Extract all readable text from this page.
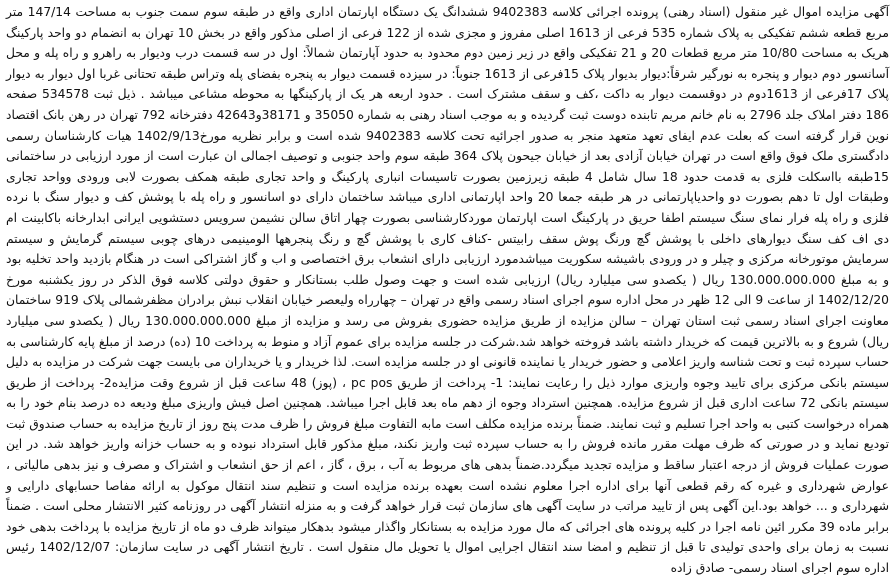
آگهی مزایده اموال غیر منقول (اسناد رهنی) پرونده اجرائی کلاسه 9402383 ششدانگ یک دستگاه اپارتمان اداری واقع در طبقه سوم سمت جنوب به مساحت 147/14 متر مربع قطعه ششم تفکیکی به پلاک شماره 535 فرعی از 1613 اصلی مفروز و مجزی شده از 122 فرعی از اصلی مذکور واقع در بخش 10 تهران به انضمام دو واحد پارکینگ هریک به مساحت 10/80 متر مربع قطعات 20 و 21 تفکیکی واقع در زیر زمین دوم محدود به حدود آپارتمان شمالاً: اول در سه قسمت درب ودیوار به راهرو و راه پله و محل آسانسور دوم دیوار و پنجره به نورگیر شرقاً:دیوار بدیوار پلاک 15فرعی از 1613 جنوباً: در سیزده قسمت دیوار به پنجره بفضای پله وتراس طبقه تحتانی غربا اول دیوار به دیوار پلاک 17فرعی از 1613دوم در دوقسمت دیوار به داکت ،کف و سقف مشترک است . حدود اربعه هر یک از پارکینگها به محوطه مشاعی میباشد . ذیل ثبت 534578 صفحه 186 دفتر املاک جلد 2796 به نام خانم مریم تابنده دوست ثبت گردیده و به موجب اسناد رهنی به شماره 35050 و 38171و42643 دفترخانه 792 تهران در رهن بانک اقتصاد نوین قرار گرفته است که بعلت عدم ایفای تعهد متعهد منجر به صدور اجرائیه تحت کلاسه 9402383 شده است و برابر نظریه مورخ1402/9/13 هیات کارشناسان رسمی دادگستری ملک فوق واقع است در تهران خیابان آزادی بعد از خیابان جیحون پلاک 364 طبقه سوم واحد جنوبی و توصیف اجمالی ان عبارت است از مورد ارزیابی در ساختمانی 15طبقه بااسکلت فلزی به قدمت حدود 18 سال شامل 4 طبقه زیرزمین بصورت تاسیسات انباری پارکینگ و واحد تجاری طبقه همکف بصورت لابی ورودی وواحد تجاری وطبقات اول تا دهم بصورت دو واحدیاپارتمانی در هر طبقه جمعا 20 واحد اپارتمانی اداری میباشد ساختمان دارای دو اسانسور و راه پله با پوشش کف و دیوار سنگ با نرده فلزی و راه پله فرار نمای سنگ سیستم اطفا حریق در پارکینگ است اپارتمان موردکارشناسی بصورت چهار اتاق سالن نشیمن سرویس دستشویی ایرانی ابدارخانه باکابینت ام دی اف کف سنگ دیوارهای داخلی با پوشش گچ ورنگ پوش سقف رابیتس -کناف کاری با پوشش گچ و رنگ پنجرهها الومینیمی درهای چوبی سیستم گرمایش و سیستم سرمایش موتورخانه مرکزی و چیلر و در ورودی باشیشه سکوریت میباشدمورد ارزیابی دارای انشعاب برق اختصاصی و اب و گاز اشتراکی است در هنگام بازدید واحد تخلیه بود و به مبلغ 130.000.000.000 ریال ( یکصدو سی میلیارد ریال) ارزیابی شده است و جهت وصول طلب بستانکار و حقوق دولتی کلاسه فوق الذکر در روز یکشنبه مورخ 1402/12/20 از ساعت 9 الی 12 ظهر در محل اداره سوم اجرای اسناد رسمی واقع در تهران – چهارراه ولیعصر خیابان انقلاب نبش برادران مظفرشمالی پلاک 919 ساختمان معاونت اجرای اسناد رسمی ثبت استان تهران – سالن مزایده از طریق مزایده حضوری بفروش می رسد و مزایده از مبلغ 130.000.000.000 ریال ( یکصدو سی میلیارد ریال) شروع و به بالاترین قیمت که خریدار داشته باشد فروخته خواهد شد.شرکت در جلسه مزایده برای عموم آزاد و منوط به پرداخت 10 (ده) درصد از مبلغ پایه کارشناسی به حساب سپرده ثبت و تحت شناسه واریز اعلامی و حضور خریدار یا نماینده قانونی او در جلسه مزایده است. لذا خریدار و یا خریداران می بایست جهت شرکت در مزایده به دلیل سیستم بانکی مرکزی برای تایید وجوه واریزی موارد ذیل را رعایت نمایند: 1- پرداخت از طریق pc pos ، (پوز) 48 ساعت قبل از شروع وقت مزایده2- پرداخت از طریق سیستم بانکی 72 ساعت اداری قبل از شروع مزایده. همچنین استرداد وجوه از دهم ماه بعد قابل اجرا میباشد. همچنین اصل فیش واریزی مبلغ ودیعه ده درصد بنام خود را به همراه درخواست کتبی به واحد اجرا تسلیم و ثبت نمایند. ضمناً برنده مزایده مکلف است مابه التفاوت مبلغ فروش را ظرف مدت پنج روز از تاریخ مزایده به حساب صندوق ثبت تودیع نماید و در صورتی که ظرف مهلت مقرر مانده فروش را به حساب سپرده ثبت واریز نکند، مبلغ مذکور قابل استرداد نبوده و به حساب خزانه واریز خواهد شد. در این صورت عملیات فروش از درجه اعتبار ساقط و مزایده تجدید میگردد.ضمناً بدهی های مربوط به آب ، برق ، گاز ، اعم از حق انشعاب و اشتراک و مصرف و نیز بدهی مالیاتی ، عوارض شهرداری و غیره که رقم قطعی آنها برای اداره اجرا معلوم نشده است بعهده برنده مزایده است و تنظیم سند انتقال موکول به ارائه مفاصا حسابهای دارایی و شهرداری و ... خواهد بود.این آگهی پس از تایید مراتب در سایت آگهی های سازمان ثبت قرار خواهد گرفت و به منزله انتشار آگهی در روزنامه کثیر الانتشار محلی است . ضمناً برابر ماده 39 مکرر ائین نامه اجرا در کلیه پرونده های اجرائی که مال مورد مزایده به بستانکار واگذار میشود بدهکار میتواند ظرف دو ماه از تاریخ مزایده با پرداخت بدهی خود نسبت به زمان برای واحدی تولیدی تا قبل از تنظیم و امضا سند انتقال اجرایی اموال یا تحویل مال منقول است . تاریخ انتشار آگهی در سایت سازمان: 1402/12/07 رئیس اداره سوم اجرای اسناد رسمی- صادق زاده
